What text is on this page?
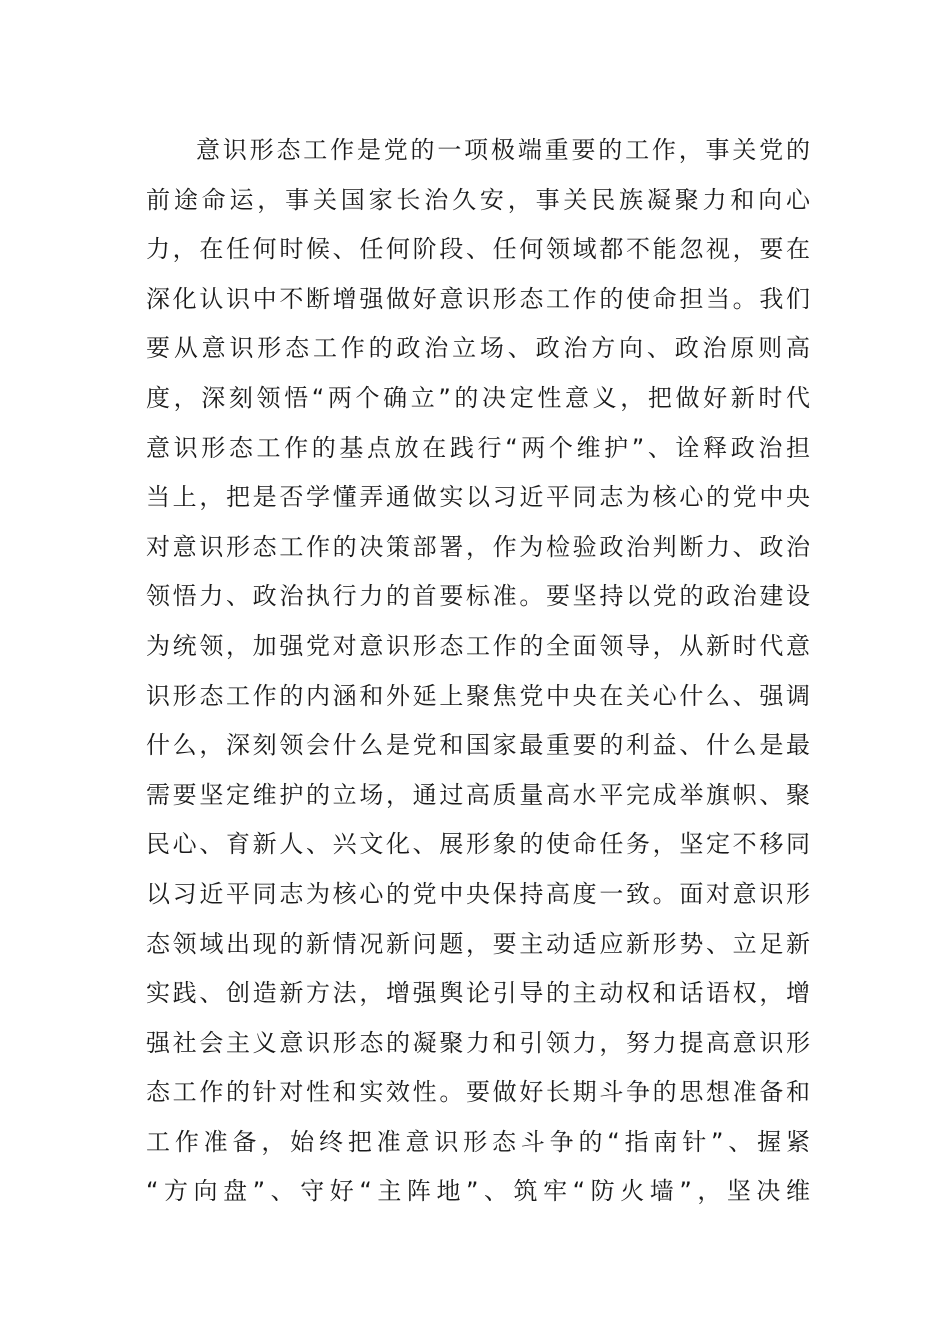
意识形态工作是党的一项极端重要的工作，事关党的
前途命运，事关国家长治久安，事关民族凝聚力和向心
力，在任何时候、任何阶段、任何领域都不能忽视，要在
深化认识中不断增强做好意识形态工作的使命担当。我们
要从意识形态工作的政治立场、政治方向、政治原则高
度，深刻领悟“两个确立”的决定性意义，把做好新时代
意识形态工作的基点放在践行“两个维护”、诠释政治担
当上，把是否学懂弄通做实以习近平同志为核心的党中央
对意识形态工作的决策部署，作为检验政治判断力、政治
领悟力、政治执行力的首要标准。要坚持以党的政治建设
为统领，加强党对意识形态工作的全面领导，从新时代意
识形态工作的内涵和外延上聚焦党中央在关心什么、强调
什么，深刻领会什么是党和国家最重要的利益、什么是最
需要坚定维护的立场，通过高质量高水平完成举旗帜、聚
民心、育新人、兴文化、展形象的使命任务，坚定不移同
以习近平同志为核心的党中央保持高度一致。面对意识形
态领域出现的新情况新问题，要主动适应新形势、立足新
实践、创造新方法，增强舆论引导的主动权和话语权，增
强社会主义意识形态的凝聚力和引领力，努力提高意识形
态工作的针对性和实效性。要做好长期斗争的思想准备和
工作准备，始终把准意识形态斗争的“指南针”、握紧
“方向盘”、守好“主阵地”、筑牢“防火墙”，坚决维
